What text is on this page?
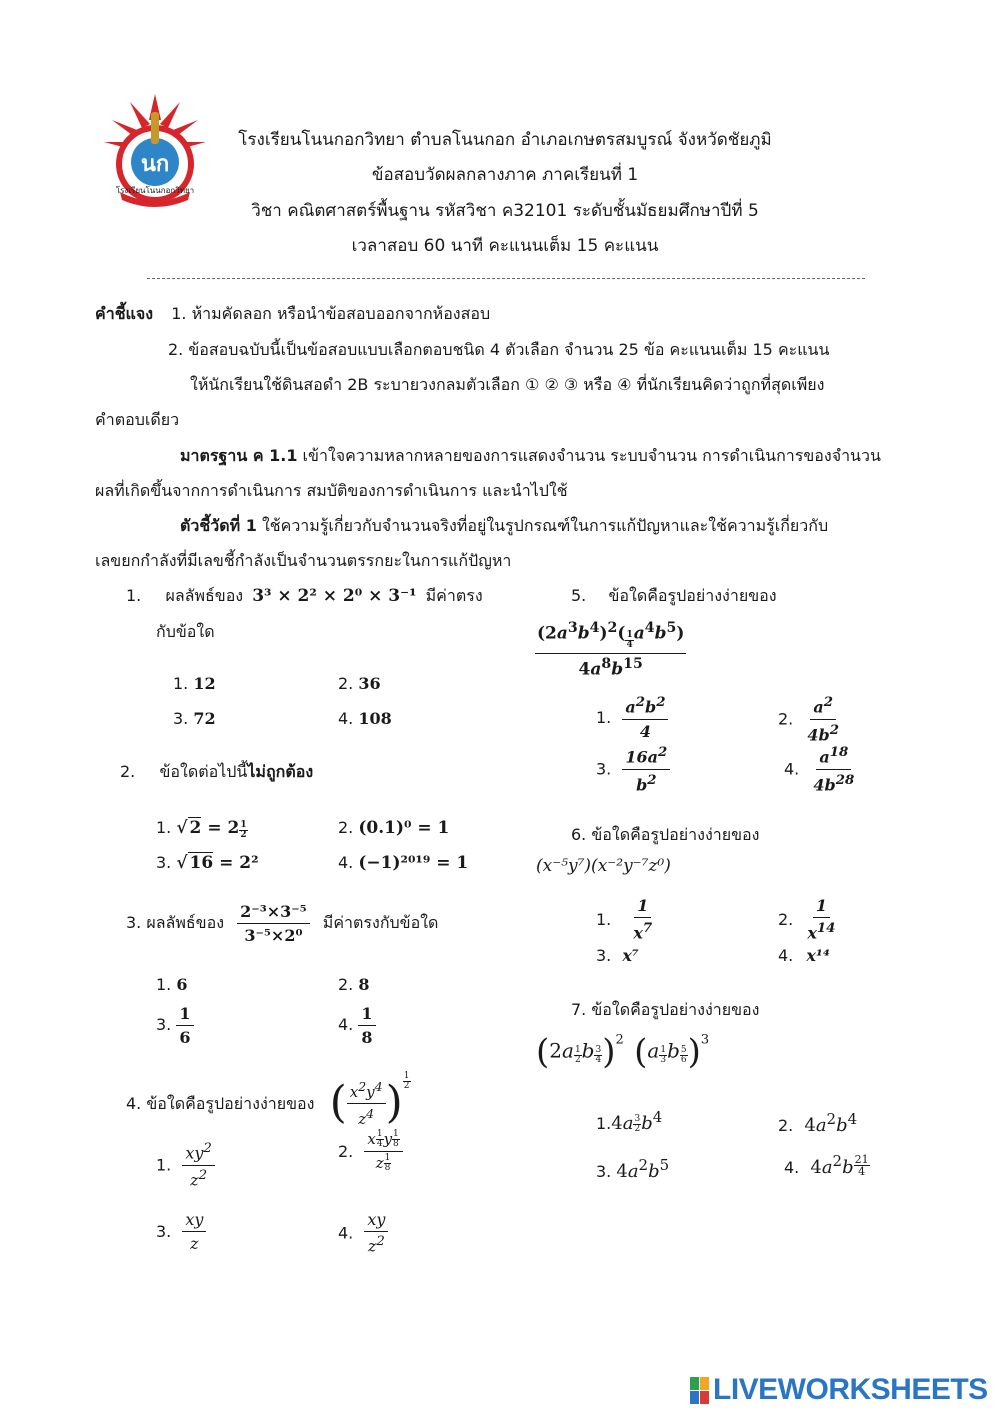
นก
โรงเรียนโนนกอกวิทยา
โรงเรียนโนนกอกวิทยา ตำบลโนนกอก อำเภอเกษตรสมบูรณ์ จังหวัดชัยภูมิ
ข้อสอบวัดผลกลางภาค ภาคเรียนที่ 1
วิชา คณิตศาสตร์พื้นฐาน รหัสวิชา ค32101 ระดับชั้นมัธยมศึกษาปีที่ 5
เวลาสอบ 60 นาที คะแนนเต็ม 15 คะแนน
คำชี้แจง 1. ห้ามคัดลอก หรือนำข้อสอบออกจากห้องสอบ
2. ข้อสอบฉบับนี้เป็นข้อสอบแบบเลือกตอบชนิด 4 ตัวเลือก จำนวน 25 ข้อ คะแนนเต็ม 15 คะแนน
ให้นักเรียนใช้ดินสอดำ 2B ระบายวงกลมตัวเลือก ① ② ③ หรือ ④ ที่นักเรียนคิดว่าถูกที่สุดเพียง
คำตอบเดียว
มาตรฐาน ค 1.1 เข้าใจความหลากหลายของการแสดงจำนวน ระบบจำนวน การดำเนินการของจำนวน
ผลที่เกิดขึ้นจากการดำเนินการ สมบัติของการดำเนินการ และนำไปใช้
ตัวชี้วัดที่ 1 ใช้ความรู้เกี่ยวกับจำนวนจริงที่อยู่ในรูปกรณฑ์ในการแก้ปัญหาและใช้ความรู้เกี่ยวกับ
เลขยกกำลังที่มีเลขชี้กำลังเป็นจำนวนตรรกยะในการแก้ปัญหา
1. ผลลัพธ์ของ 3³ × 2² × 2⁰ × 3⁻¹ มีค่าตรง
กับข้อใด
1. 12	2. 36
3. 72	4. 108
2. ข้อใดต่อไปนี้ไม่ถูกต้อง
1. √ $2 = 2 \frac{1}{2}$	2. (0.1)⁰ = 1
3. √ 16 = 2²	4. (−1)²⁰¹⁹ = 1
3. ผลลัพธ์ของ $\frac{\text{2⁻³×3⁻⁵}}{\text{3⁻⁵×2⁰}}$ มีค่าตรงกับข้อใด
1. 6	2. 8
3. $\frac{1}{6}$	4. $\frac{1}{8}$
4. ข้อใดคือรูปอย่างง่ายของ ( $\frac{x^2y^4}{z^4}$ ) $\frac{1}{2}$
1. $\frac{xy^2}{z^2}$	2. $\frac{x \frac{1}{4} y \frac{1}{8}}{z \frac{1}{8}}$
3. $\frac{xy}{z}$	4. $\frac{xy}{z^2}$
5. ข้อใดคือรูปอย่างง่ายของ
$\frac{(2a^3b^4)^2( \frac{1}{4} a^4b^5)}{4a^8b^{15}}$
1. $\frac{a^2b^2}{4}$	2. $\frac{a^2}{4b^2}$
3. $\frac{16a^2}{b^2}$	4. $\frac{a^{18}}{4b^{28}}$
6. ข้อใดคือรูปอย่างง่ายของ
(x⁻⁵y⁷)(x⁻²y⁻⁷z⁰)
1. $\frac{1}{x^7}$	2. $\frac{1}{x^{14}}$
3. x⁷	4. x¹⁴
7. ข้อใดคือรูปอย่างง่ายของ
($2a \frac{1}{2}$ b $\frac{3}{4} )^2$ ($a \frac{1}{3}$ b $\frac{5}{6} )^3$
$1.4a \frac{3}{2} b^4$	2. $4a^2b^4$
3. $4a^2b^5$	4. $4a^2b \frac{21}{4}$
LIVEWORKSHEETS
